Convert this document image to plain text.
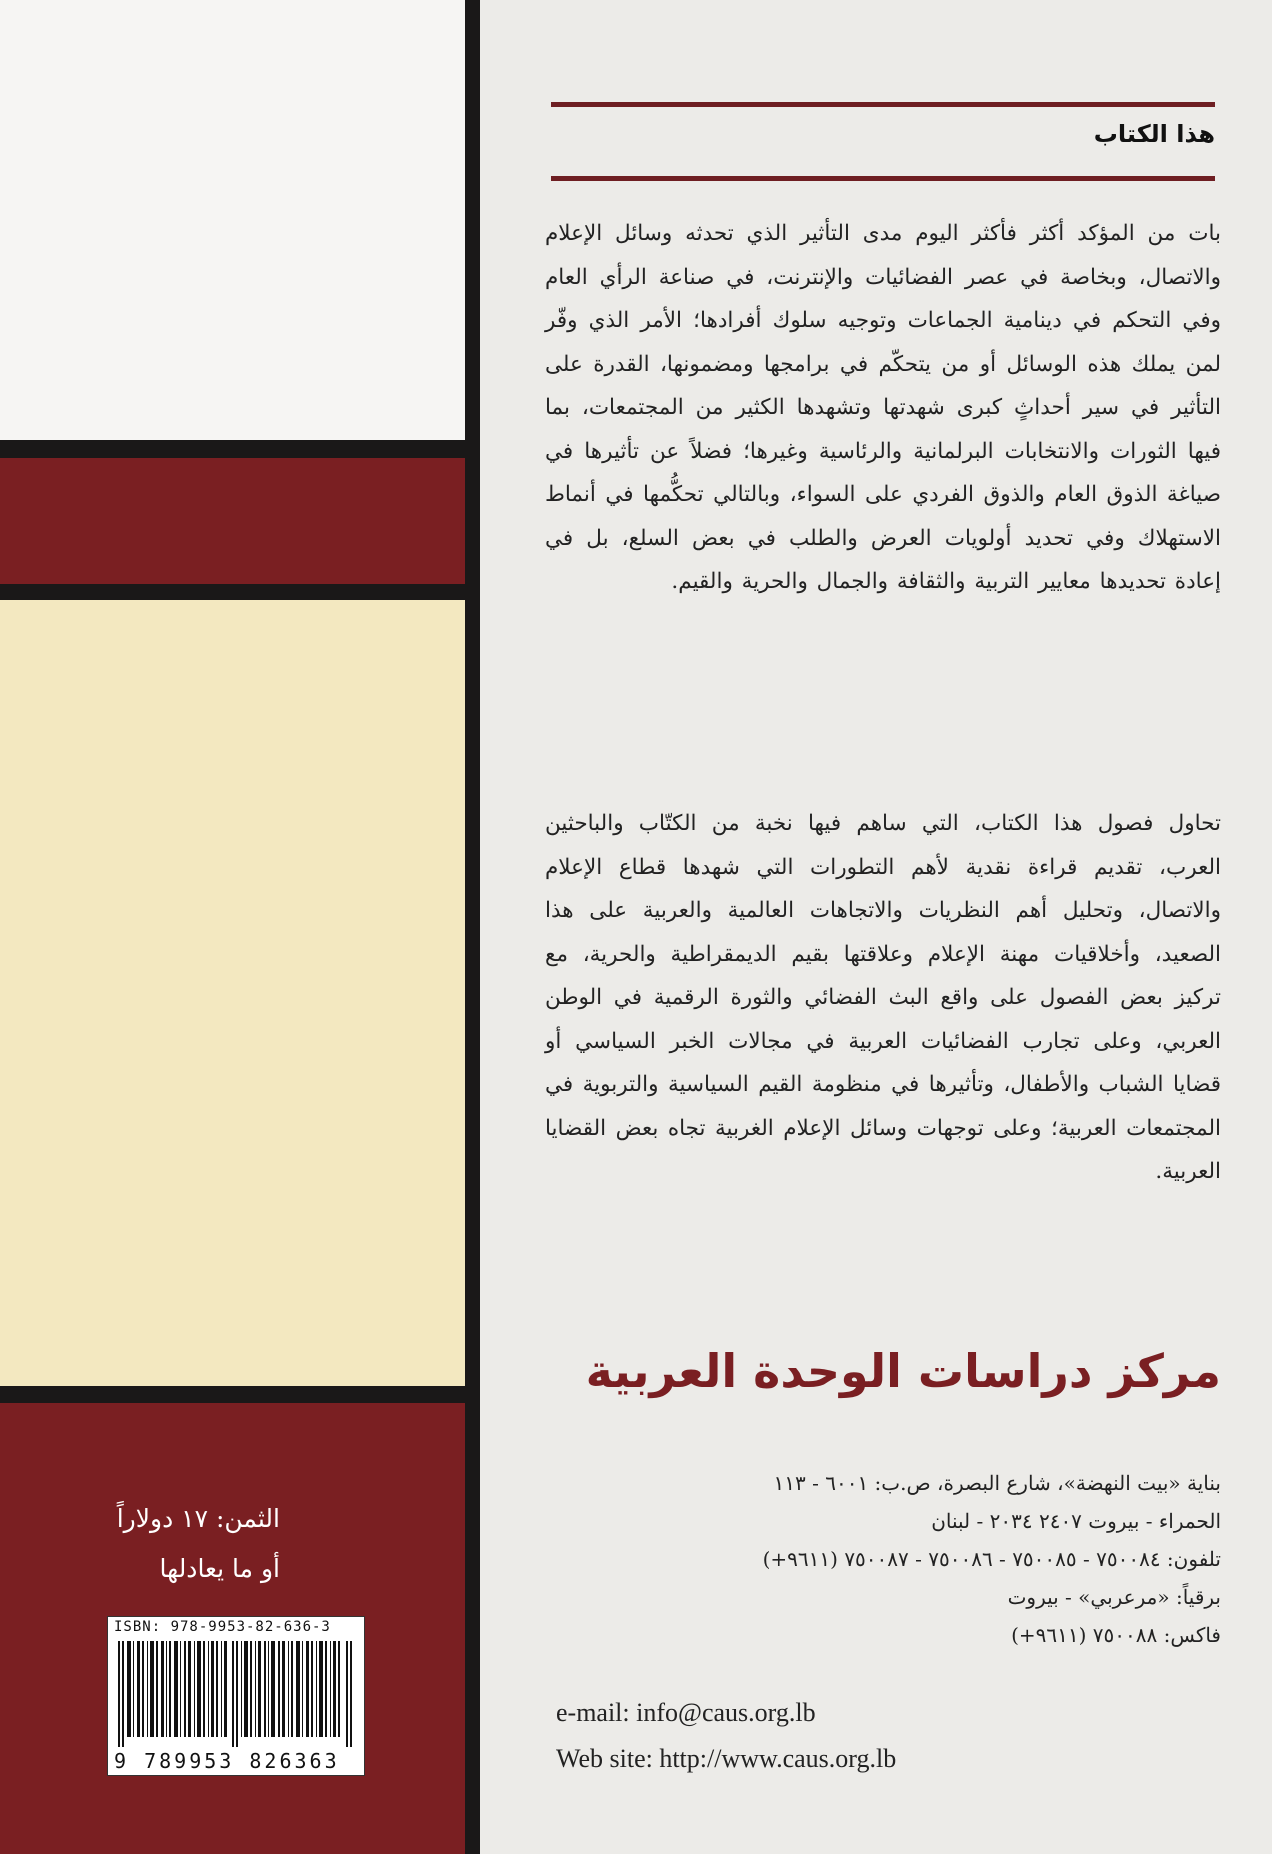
الثمن: ١٧ دولاراً
أو ما يعادلها
ISBN: 978-9953-82-636-3
9 789953 826363
هذا الكتاب
بات من المؤكد أكثر فأكثر اليوم مدى التأثير الذي تحدثه وسائل الإعلام والاتصال، وبخاصة في عصر الفضائيات والإنترنت، في صناعة الرأي العام وفي التحكم في دينامية الجماعات وتوجيه سلوك أفرادها؛ الأمر الذي وفّر لمن يملك هذه الوسائل أو من يتحكّم في برامجها ومضمونها، القدرة على التأثير في سير أحداثٍ كبرى شهدتها وتشهدها الكثير من المجتمعات، بما فيها الثورات والانتخابات البرلمانية والرئاسية وغيرها؛ فضلاً عن تأثيرها في صياغة الذوق العام والذوق الفردي على السواء، وبالتالي تحكُّمها في أنماط الاستهلاك وفي تحديد أولويات العرض والطلب في بعض السلع، بل في إعادة تحديدها معايير التربية والثقافة والجمال والحرية والقيم.
تحاول فصول هذا الكتاب، التي ساهم فيها نخبة من الكتّاب والباحثين العرب، تقديم قراءة نقدية لأهم التطورات التي شهدها قطاع الإعلام والاتصال، وتحليل أهم النظريات والاتجاهات العالمية والعربية على هذا الصعيد، وأخلاقيات مهنة الإعلام وعلاقتها بقيم الديمقراطية والحرية، مع تركيز بعض الفصول على واقع البث الفضائي والثورة الرقمية في الوطن العربي، وعلى تجارب الفضائيات العربية في مجالات الخبر السياسي أو قضايا الشباب والأطفال، وتأثيرها في منظومة القيم السياسية والتربوية في المجتمعات العربية؛ وعلى توجهات وسائل الإعلام الغربية تجاه بعض القضايا العربية.
مركز دراسات الوحدة العربية
بناية «بيت النهضة»، شارع البصرة، ص.ب: ٦٠٠١ - ١١٣
الحمراء - بيروت ٢٤٠٧ ٢٠٣٤ - لبنان
تلفون: ٧٥٠٠٨٤ - ٧٥٠٠٨٥ - ٧٥٠٠٨٦ - ٧٥٠٠٨٧ (٩٦١١+)
برقياً: «مرعربي» - بيروت
فاكس: ٧٥٠٠٨٨ (٩٦١١+)
e-mail: info@caus.org.lb
Web site: http://www.caus.org.lb
